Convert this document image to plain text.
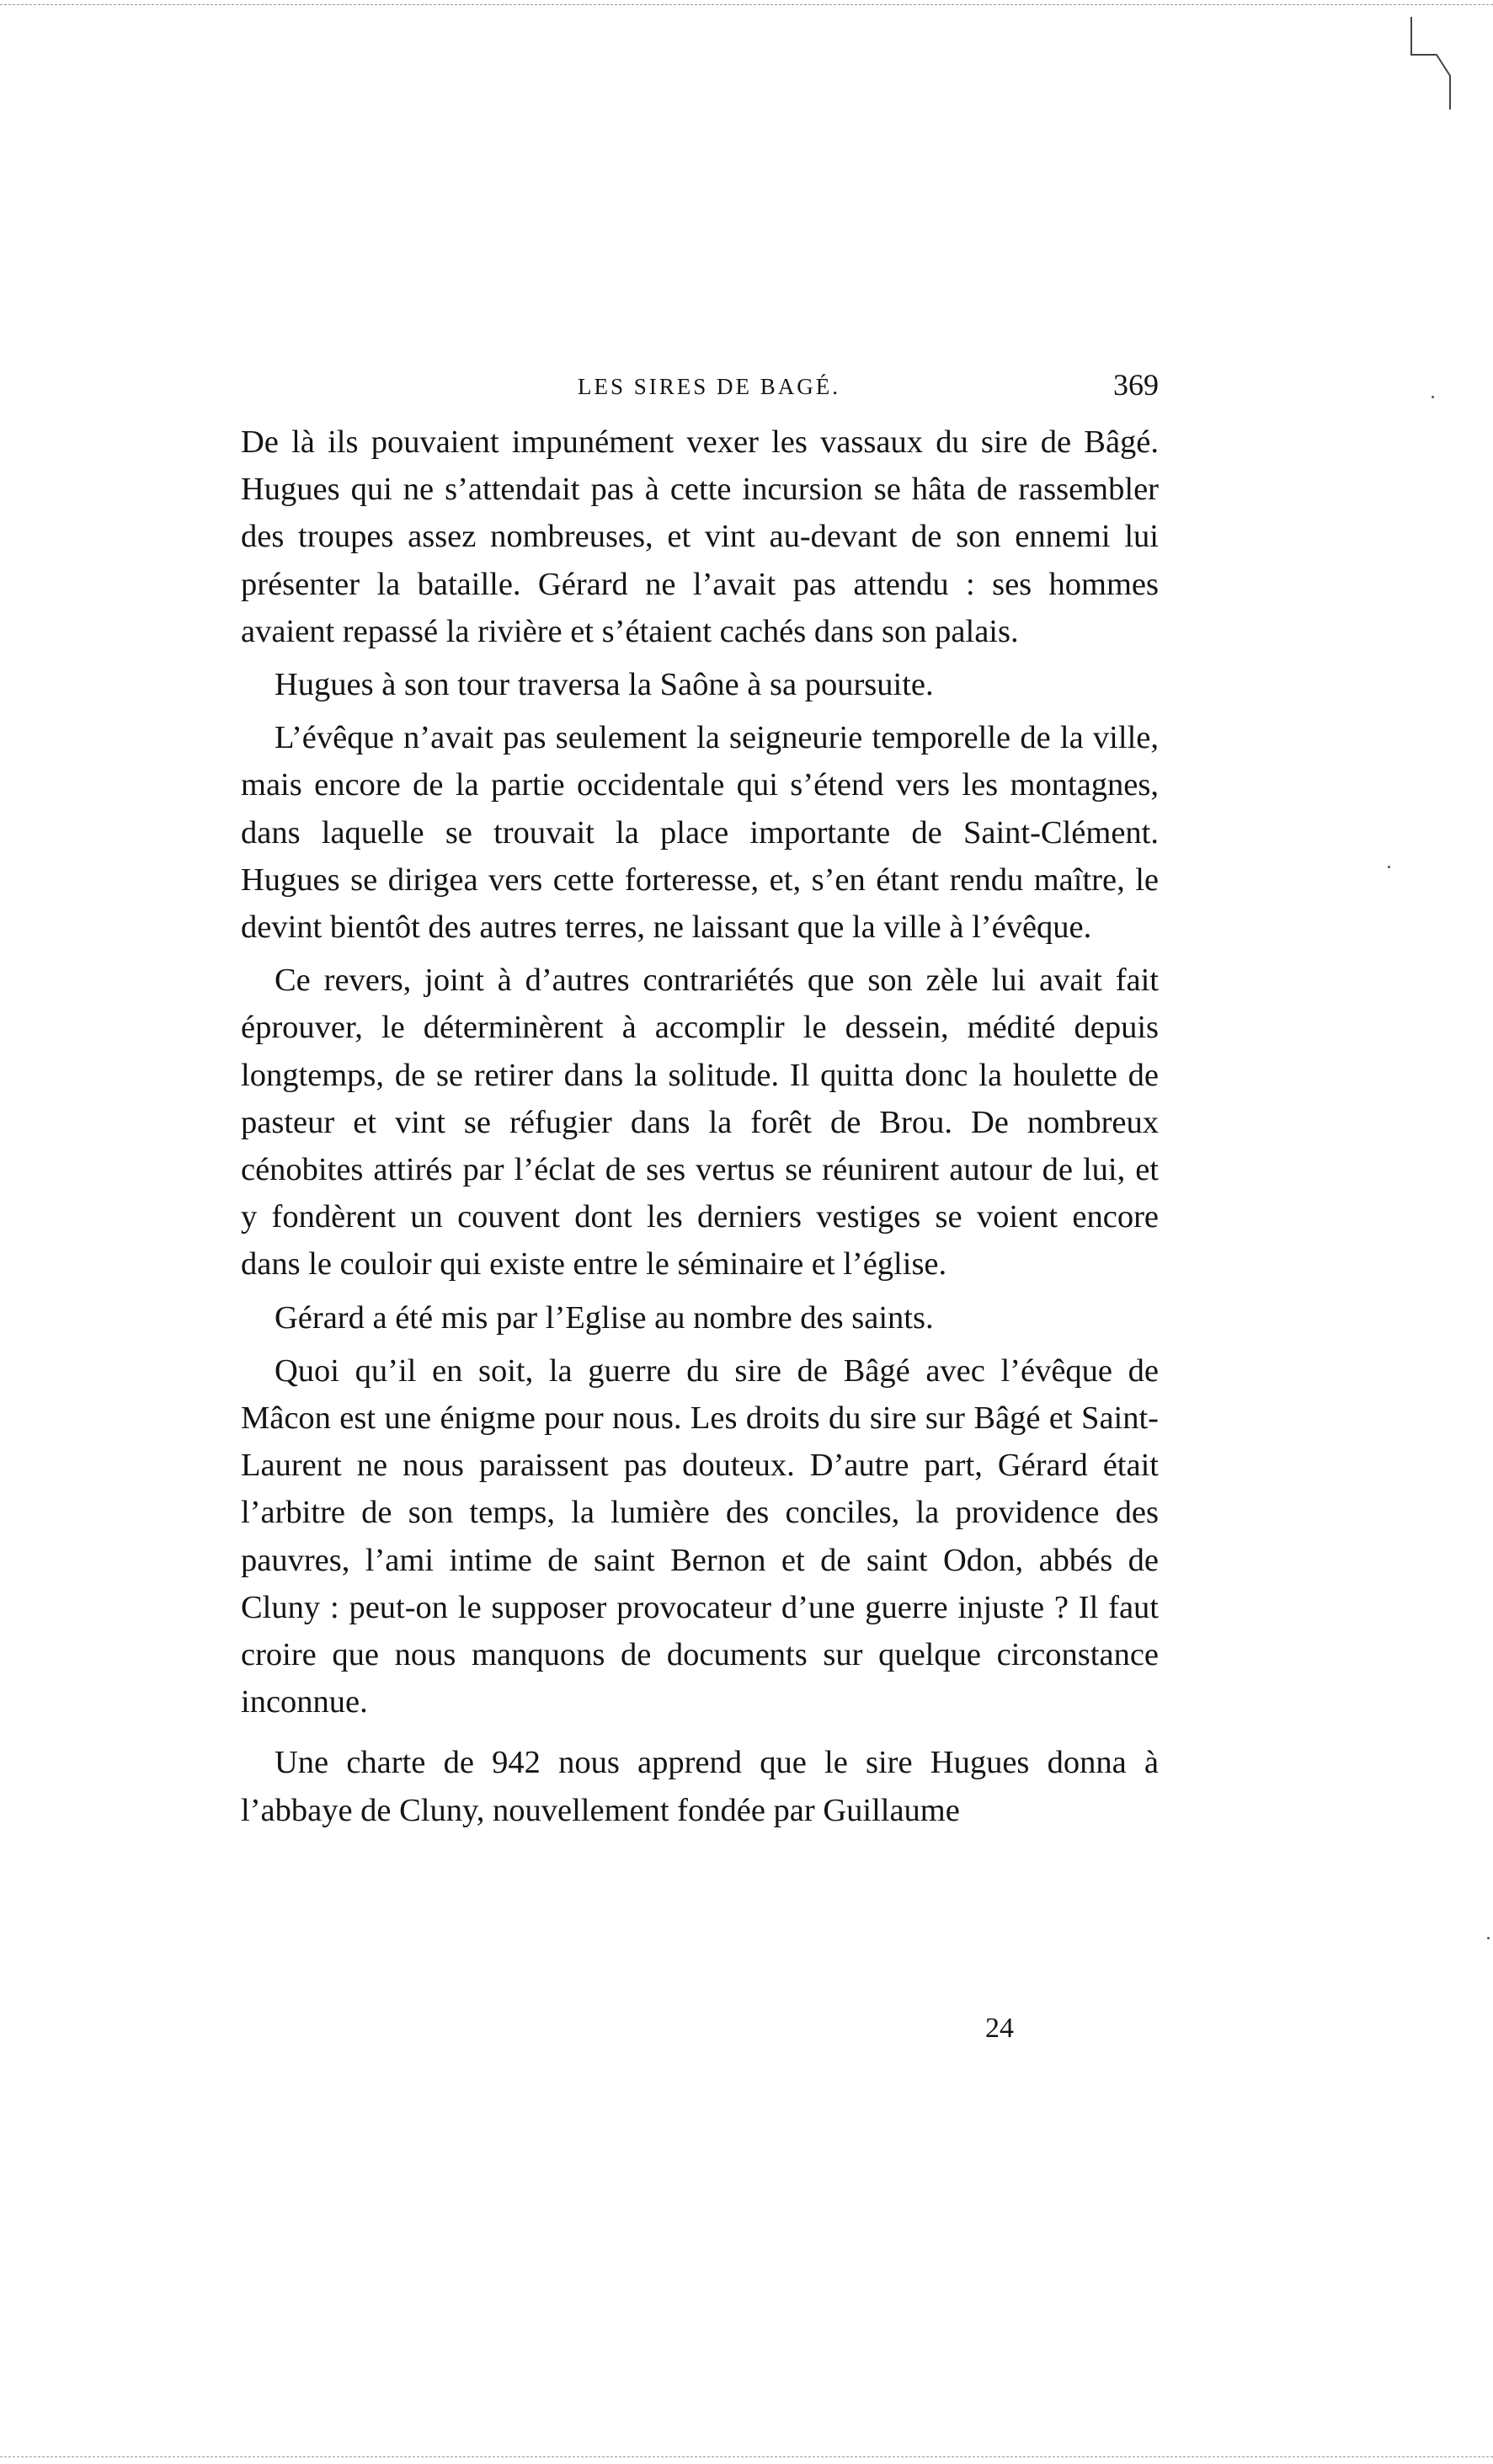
LES SIRES DE BAGÉ.	369

De là ils pouvaient impunément vexer les vassaux du sire de Bâgé. Hugues qui ne s’attendait pas à cette incursion se hâta de rassembler des troupes assez nombreuses, et vint au-devant de son ennemi lui présenter la bataille. Gérard ne l’avait pas attendu : ses hommes avaient repassé la rivière et s’étaient cachés dans son palais.

Hugues à son tour traversa la Saône à sa poursuite.

L’évêque n’avait pas seulement la seigneurie temporelle de la ville, mais encore de la partie occidentale qui s’étend vers les montagnes, dans laquelle se trouvait la place importante de Saint-Clément. Hugues se dirigea vers cette forteresse, et, s’en étant rendu maître, le devint bientôt des autres terres, ne laissant que la ville à l’évêque.

Ce revers, joint à d’autres contrariétés que son zèle lui avait fait éprouver, le déterminèrent à accomplir le dessein, médité depuis longtemps, de se retirer dans la solitude. Il quitta donc la houlette de pasteur et vint se réfugier dans la forêt de Brou. De nombreux cénobites attirés par l’éclat de ses vertus se réunirent autour de lui, et y fondèrent un couvent dont les derniers vestiges se voient encore dans le couloir qui existe entre le séminaire et l’église.

Gérard a été mis par l’Eglise au nombre des saints.

Quoi qu’il en soit, la guerre du sire de Bâgé avec l’évêque de Mâcon est une énigme pour nous. Les droits du sire sur Bâgé et Saint-Laurent ne nous paraissent pas douteux. D’autre part, Gérard était l’arbitre de son temps, la lumière des conciles, la providence des pauvres, l’ami intime de saint Bernon et de saint Odon, abbés de Cluny : peut-on le supposer provocateur d’une guerre injuste ? Il faut croire que nous manquons de documents sur quelque circonstance inconnue.

Une charte de 942 nous apprend que le sire Hugues donna à l’abbaye de Cluny, nouvellement fondée par Guillaume

24
